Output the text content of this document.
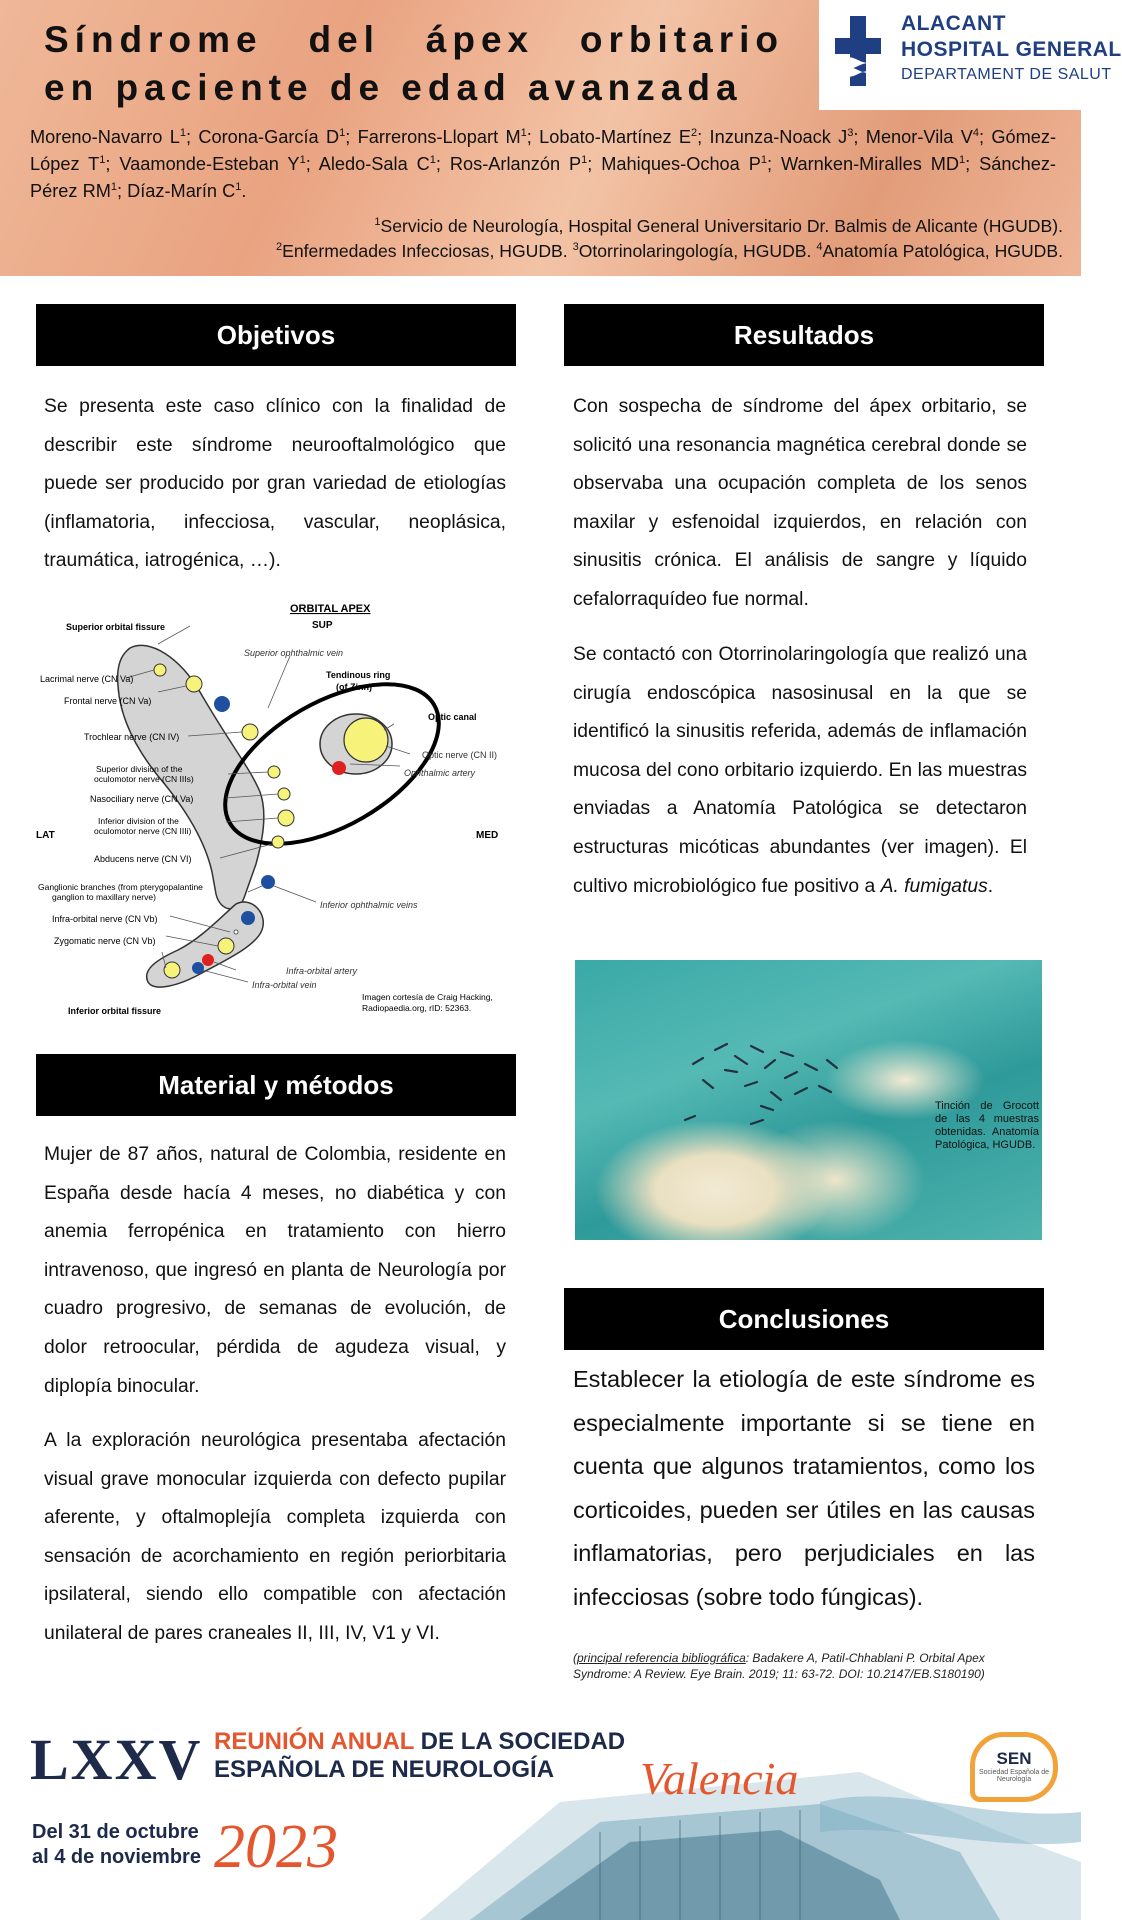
Síndrome del ápex orbitario
en paciente de edad avanzada
ALACANT
HOSPITAL GENERAL
DEPARTAMENT DE SALUT
Moreno-Navarro $L^1$; Corona-García $D^1$; Farrerons-Llopart $M^1$; Lobato-Martínez $E^2$; Inzunza-Noack $J^3$; Menor-Vila $V^4$; Gómez-López $T^1$; Vaamonde-Esteban $Y^1$; Aledo-Sala $C^1$; Ros-Arlanzón $P^1$; Mahiques-Ochoa $P^1$; Warnken-Miralles $MD^1$; Sánchez-Pérez $RM^1$; Díaz-Marín $C^1$.
$^1$Servicio de Neurología, Hospital General Universitario Dr. Balmis de Alicante (HGUDB).
$^2$Enfermedades Infecciosas, HGUDB. $^3$Otorrinolaringología, HGUDB. $^4$Anatomía Patológica, HGUDB.
Objetivos
Se presenta este caso clínico con la finalidad de describir este síndrome neurooftalmológico que puede ser producido por gran variedad de etiologías (inflamatoria, infecciosa, vascular, neoplásica, traumática, iatrogénica, …).
ORBITAL APEX
SUP
LAT	MED
Superior orbital fissure
Superior ophthalmic vein
Lacrimal nerve (CN Va)
Frontal nerve (CN Va)
Trochlear nerve (CN IV)
Superior division of the
oculomotor nerve (CN IIIs)
Nasociliary nerve (CN Va)
Inferior division of the
oculomotor nerve (CN IIIi)
Abducens nerve (CN VI)
Ganglionic branches (from pterygopalantine
ganglion to maxillary nerve)
Infra-orbital nerve (CN Vb)
Zygomatic nerve (CN Vb)
Inferior orbital fissure
Tendinous ring
(of Zinn)
Optic canal
Optic nerve (CN II)
Ophthalmic artery
Inferior ophthalmic veins
Infra-orbital artery
Infra-orbital vein
Imagen cortesía de Craig Hacking,
Radiopaedia.org, rID: 52363.
Material y métodos
Mujer de 87 años, natural de Colombia, residente en España desde hacía 4 meses, no diabética y con anemia ferropénica en tratamiento con hierro intravenoso, que ingresó en planta de Neurología por cuadro progresivo, de semanas de evolución, de dolor retroocular, pérdida de agudeza visual, y diplopía binocular.
A la exploración neurológica presentaba afectación visual grave monocular izquierda con defecto pupilar aferente, y oftalmoplejía completa izquierda con sensación de acorchamiento en región periorbitaria ipsilateral, siendo ello compatible con afectación unilateral de pares craneales II, III, IV, V1 y VI.
Resultados
Con sospecha de síndrome del ápex orbitario, se solicitó una resonancia magnética cerebral donde se observaba una ocupación completa de los senos maxilar y esfenoidal izquierdos, en relación con sinusitis crónica. El análisis de sangre y líquido cefalorraquídeo fue normal.
Se contactó con Otorrinolaringología que realizó una cirugía endoscópica nasosinusal en la que se identificó la sinusitis referida, además de inflamación mucosa del cono orbitario izquierdo. En las muestras enviadas a Anatomía Patológica se detectaron estructuras micóticas abundantes (ver imagen). El cultivo microbiológico fue positivo a A. fumigatus.
Tinción de Grocott de las 4 muestras obtenidas. Anatomía Patológica, HGUDB.
Conclusiones
Establecer la etiología de este síndrome es especialmente importante si se tiene en cuenta que algunos tratamientos, como los corticoides, pueden ser útiles en las causas inflamatorias, pero perjudiciales en las infecciosas (sobre todo fúngicas).
(principal referencia bibliográfica: Badakere A, Patil-Chhablani P. Orbital Apex Syndrome: A Review. Eye Brain. 2019; 11: 63-72. DOI: 10.2147/EB.S180190)
LXXV REUNIÓN ANUAL DE LA SOCIEDAD
ESPAÑOLA DE NEUROLOGÍA Valencia
Del 31 de octubre
al 4 de noviembre 2023
SEN
Sociedad Española de Neurología
